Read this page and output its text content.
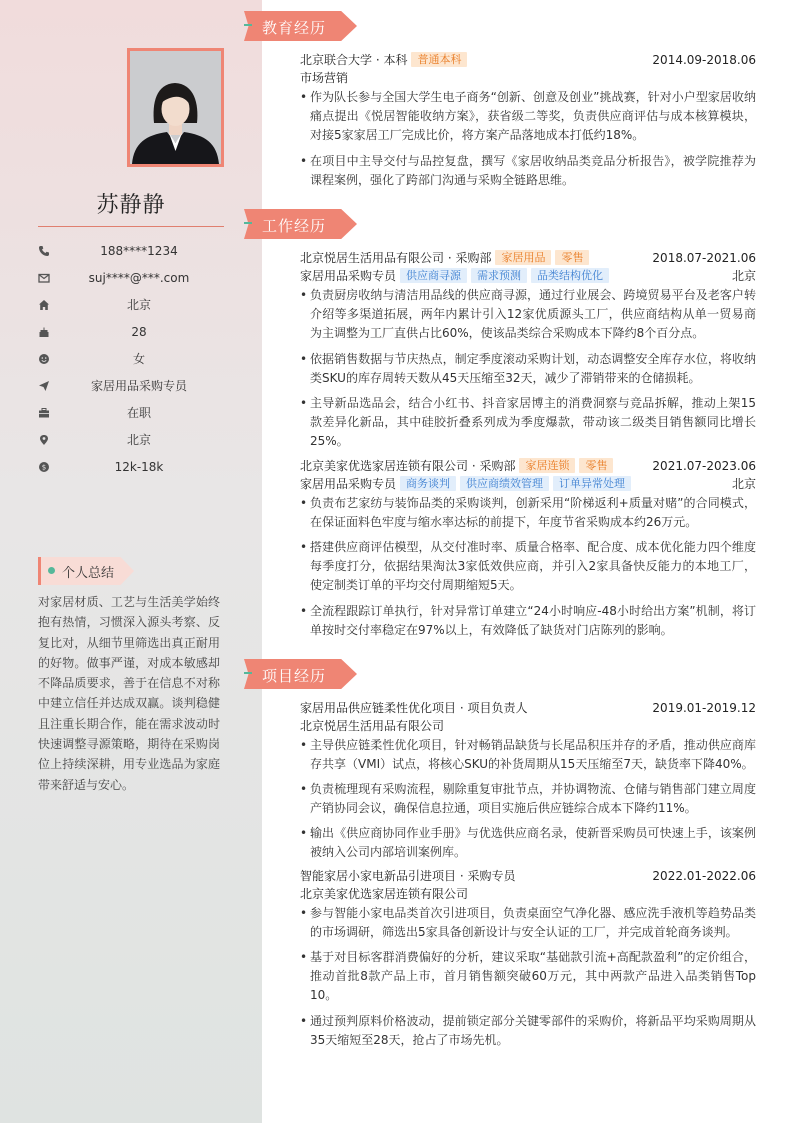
苏静静
188****1234
suj****@***.com
北京
28
女
家居用品采购专员
在职
北京
$	12k-18k
个人总结
对家居材质、工艺与生活美学始终抱有热情，习惯深入源头考察、反复比对，从细节里筛选出真正耐用的好物。做事严谨，对成本敏感却不降品质要求，善于在信息不对称中建立信任并达成双赢。谈判稳健且注重长期合作，能在需求波动时快速调整寻源策略，期待在采购岗位上持续深耕，用专业选品为家庭带来舒适与安心。
教育经历
北京联合大学 · 本科 普通本科	2014.09-2018.06
市场营销
• 作为队长参与全国大学生电子商务“创新、创意及创业”挑战赛，针对小户型家居收纳痛点提出《悦居智能收纳方案》，获省级二等奖，负责供应商评估与成本核算模块，对接5家家居工厂完成比价，将方案产品落地成本打低约18%。
• 在项目中主导交付与品控复盘，撰写《家居收纳品类竞品分析报告》，被学院推荐为课程案例，强化了跨部门沟通与采购全链路思维。
工作经历
北京悦居生活用品有限公司 · 采购部 家居用品 零售	2018.07-2021.06
家居用品采购专员 供应商寻源 需求预测 品类结构优化	北京
• 负责厨房收纳与清洁用品线的供应商寻源，通过行业展会、跨境贸易平台及老客户转介绍等多渠道拓展，两年内累计引入12家优质源头工厂，供应商结构从单一贸易商为主调整为工厂直供占比60%，使该品类综合采购成本下降约8个百分点。
• 依据销售数据与节庆热点，制定季度滚动采购计划，动态调整安全库存水位，将收纳类SKU的库存周转天数从45天压缩至32天，减少了滞销带来的仓储损耗。
• 主导新品选品会，结合小红书、抖音家居博主的消费洞察与竞品拆解，推动上架15款差异化新品，其中硅胶折叠系列成为季度爆款，带动该二级类目销售额同比增长25%。
北京美家优选家居连锁有限公司 · 采购部 家居连锁 零售	2021.07-2023.06
家居用品采购专员 商务谈判 供应商绩效管理 订单异常处理	北京
• 负责布艺家纺与装饰品类的采购谈判，创新采用“阶梯返利+质量对赌”的合同模式，在保证面料色牢度与缩水率达标的前提下，年度节省采购成本约26万元。
• 搭建供应商评估模型，从交付准时率、质量合格率、配合度、成本优化能力四个维度每季度打分，依据结果淘汰3家低效供应商，并引入2家具备快反能力的本地工厂，使定制类订单的平均交付周期缩短5天。
• 全流程跟踪订单执行，针对异常订单建立“24小时响应-48小时给出方案”机制，将订单按时交付率稳定在97%以上，有效降低了缺货对门店陈列的影响。
项目经历
家居用品供应链柔性优化项目 · 项目负责人	2019.01-2019.12
北京悦居生活用品有限公司
• 主导供应链柔性优化项目，针对畅销品缺货与长尾品积压并存的矛盾，推动供应商库存共享（VMI）试点，将核心SKU的补货周期从15天压缩至7天，缺货率下降40%。
• 负责梳理现有采购流程，剔除重复审批节点，并协调物流、仓储与销售部门建立周度产销协同会议，确保信息拉通，项目实施后供应链综合成本下降约11%。
• 输出《供应商协同作业手册》与优选供应商名录，使新晋采购员可快速上手，该案例被纳入公司内部培训案例库。
智能家居小家电新品引进项目 · 采购专员	2022.01-2022.06
北京美家优选家居连锁有限公司
• 参与智能小家电品类首次引进项目，负责桌面空气净化器、感应洗手液机等趋势品类的市场调研，筛选出5家具备创新设计与安全认证的工厂，并完成首轮商务谈判。
• 基于对目标客群消费偏好的分析，建议采取“基础款引流+高配款盈利”的定价组合，推动首批8款产品上市，首月销售额突破60万元，其中两款产品进入品类销售Top 10。
• 通过预判原料价格波动，提前锁定部分关键零部件的采购价，将新品平均采购周期从35天缩短至28天，抢占了市场先机。
